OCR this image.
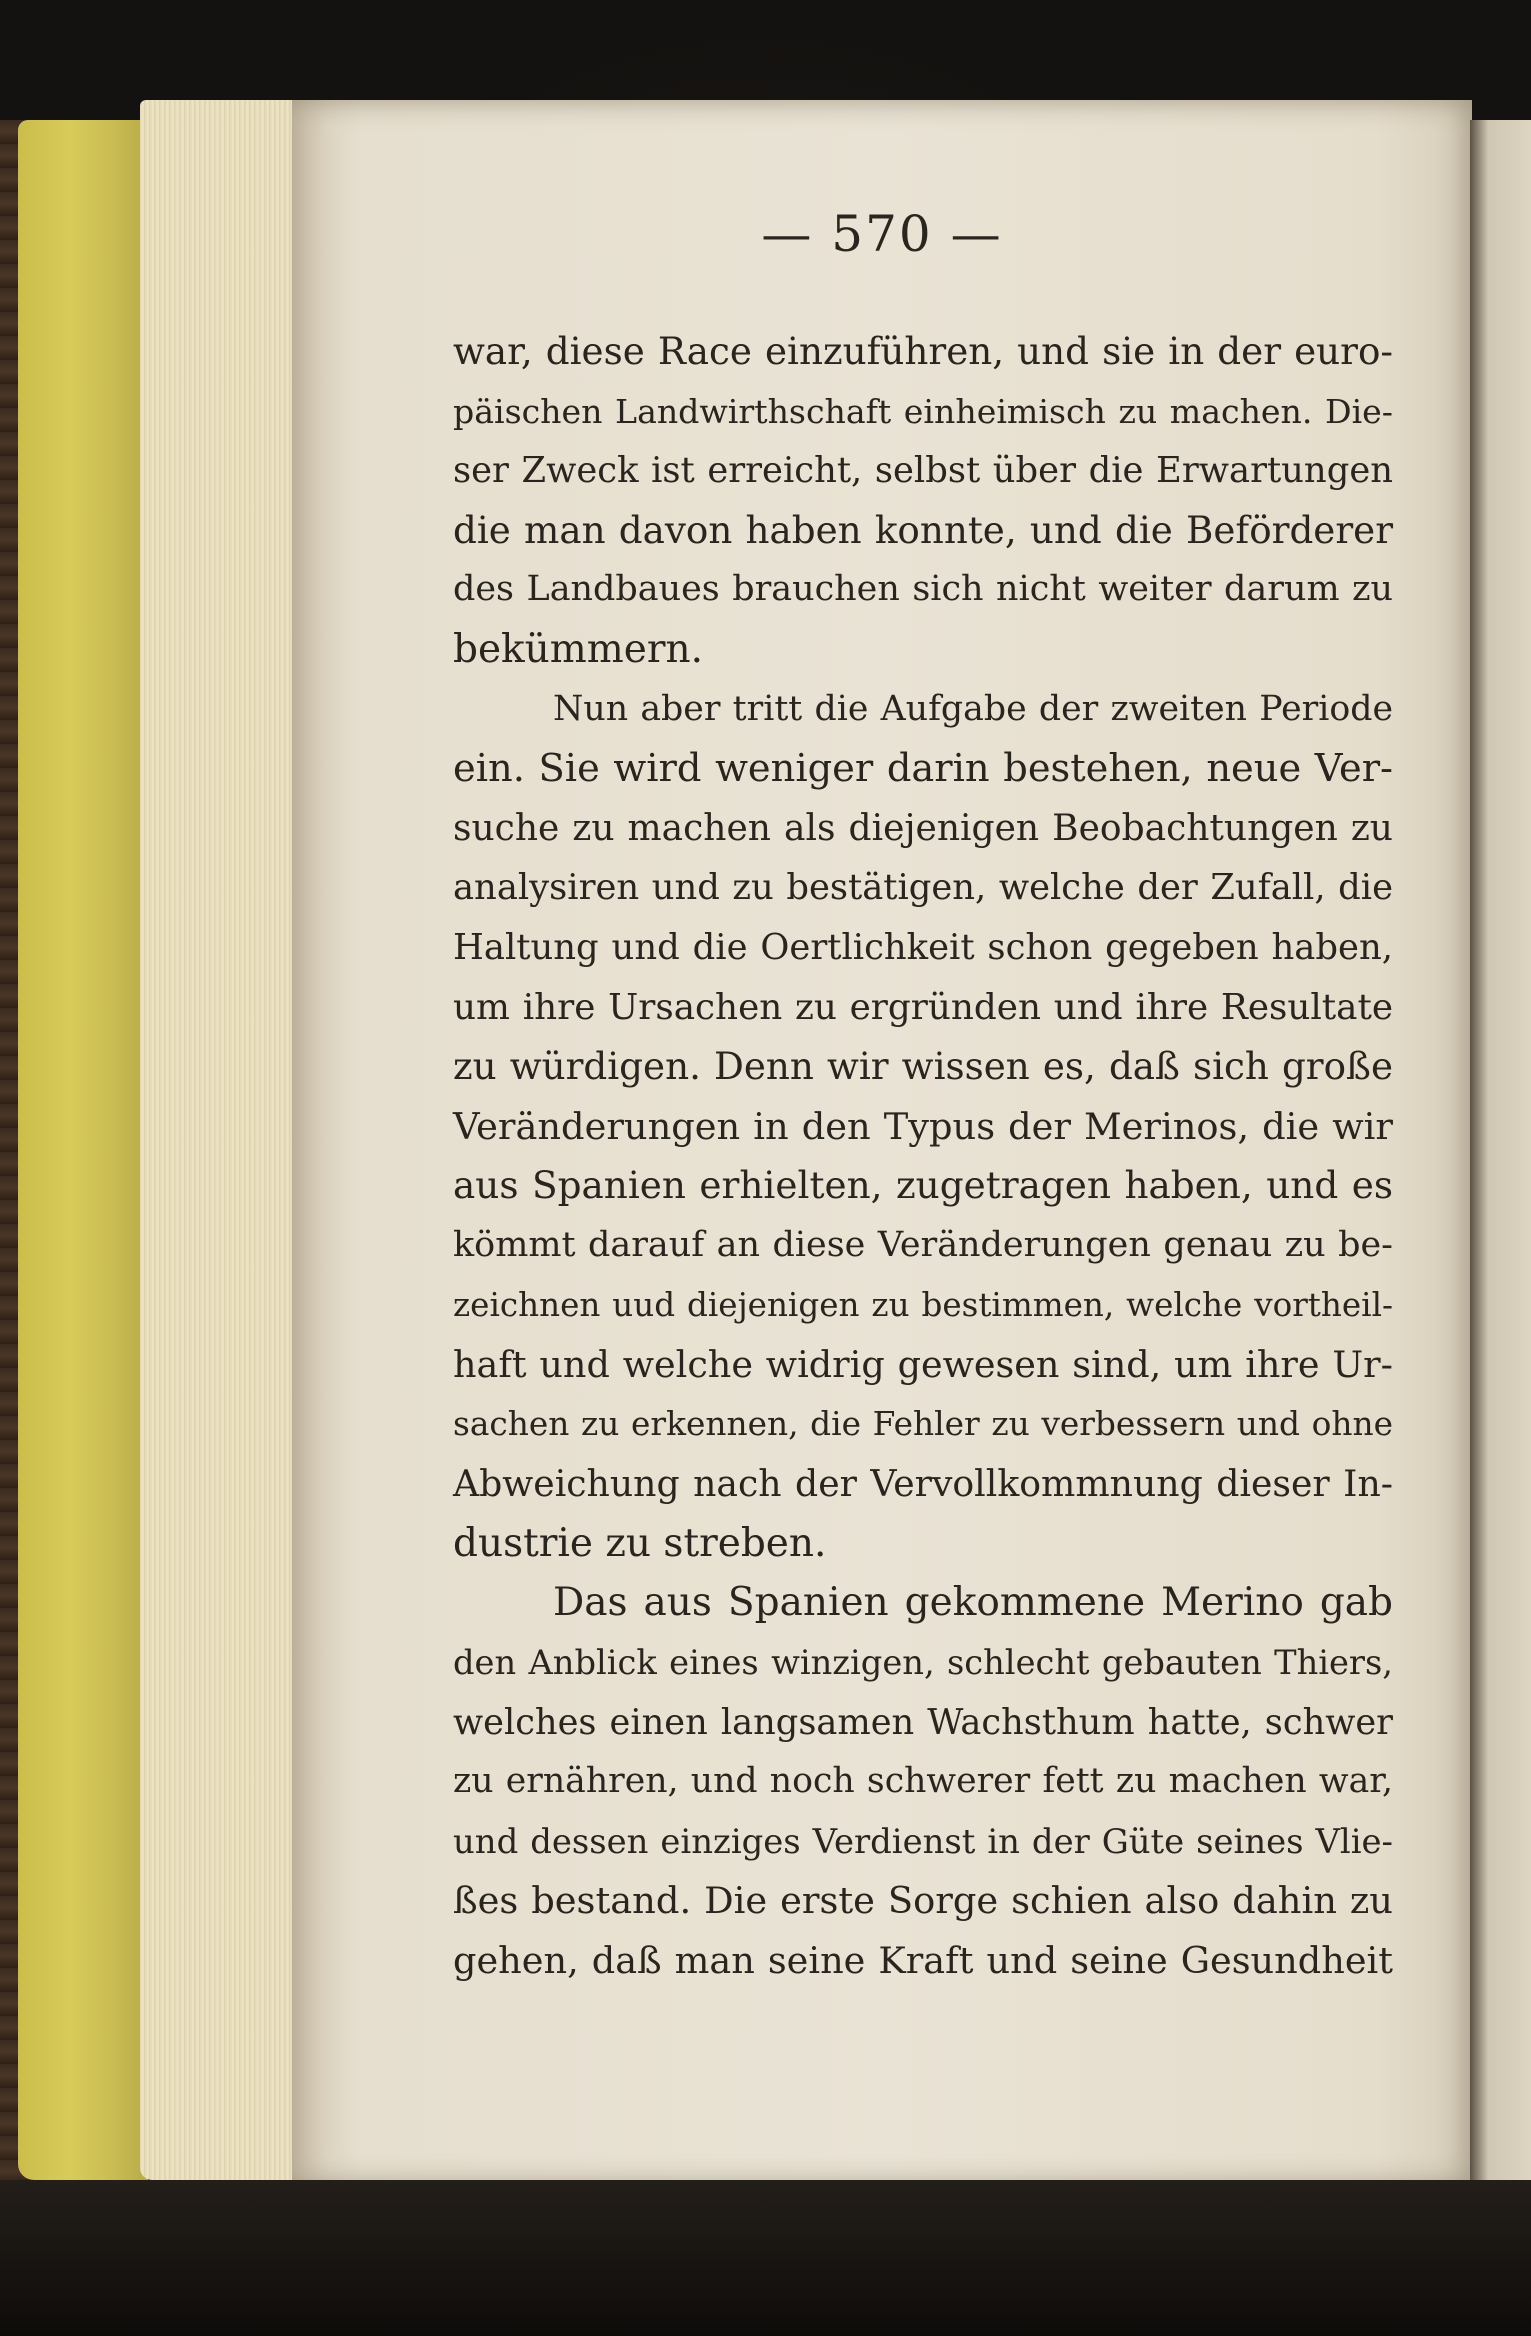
— 570 —
war, diese Race einzuführen, und sie in der euro-
päischen Landwirthschaft einheimisch zu machen. Die-
ser Zweck ist erreicht, selbst über die Erwartungen
die man davon haben konnte, und die Beförderer
des Landbaues brauchen sich nicht weiter darum zu
bekümmern.
Nun aber tritt die Aufgabe der zweiten Periode
ein. Sie wird weniger darin bestehen, neue Ver-
suche zu machen als diejenigen Beobachtungen zu
analysiren und zu bestätigen, welche der Zufall, die
Haltung und die Oertlichkeit schon gegeben haben,
um ihre Ursachen zu ergründen und ihre Resultate
zu würdigen. Denn wir wissen es, daß sich große
Veränderungen in den Typus der Merinos, die wir
aus Spanien erhielten, zugetragen haben, und es
kömmt darauf an diese Veränderungen genau zu be-
zeichnen uud diejenigen zu bestimmen, welche vortheil-
haft und welche widrig gewesen sind, um ihre Ur-
sachen zu erkennen, die Fehler zu verbessern und ohne
Abweichung nach der Vervollkommnung dieser In-
dustrie zu streben.
Das aus Spanien gekommene Merino gab
den Anblick eines winzigen, schlecht gebauten Thiers,
welches einen langsamen Wachsthum hatte, schwer
zu ernähren, und noch schwerer fett zu machen war,
und dessen einziges Verdienst in der Güte seines Vlie-
ßes bestand. Die erste Sorge schien also dahin zu
gehen, daß man seine Kraft und seine Gesundheit
